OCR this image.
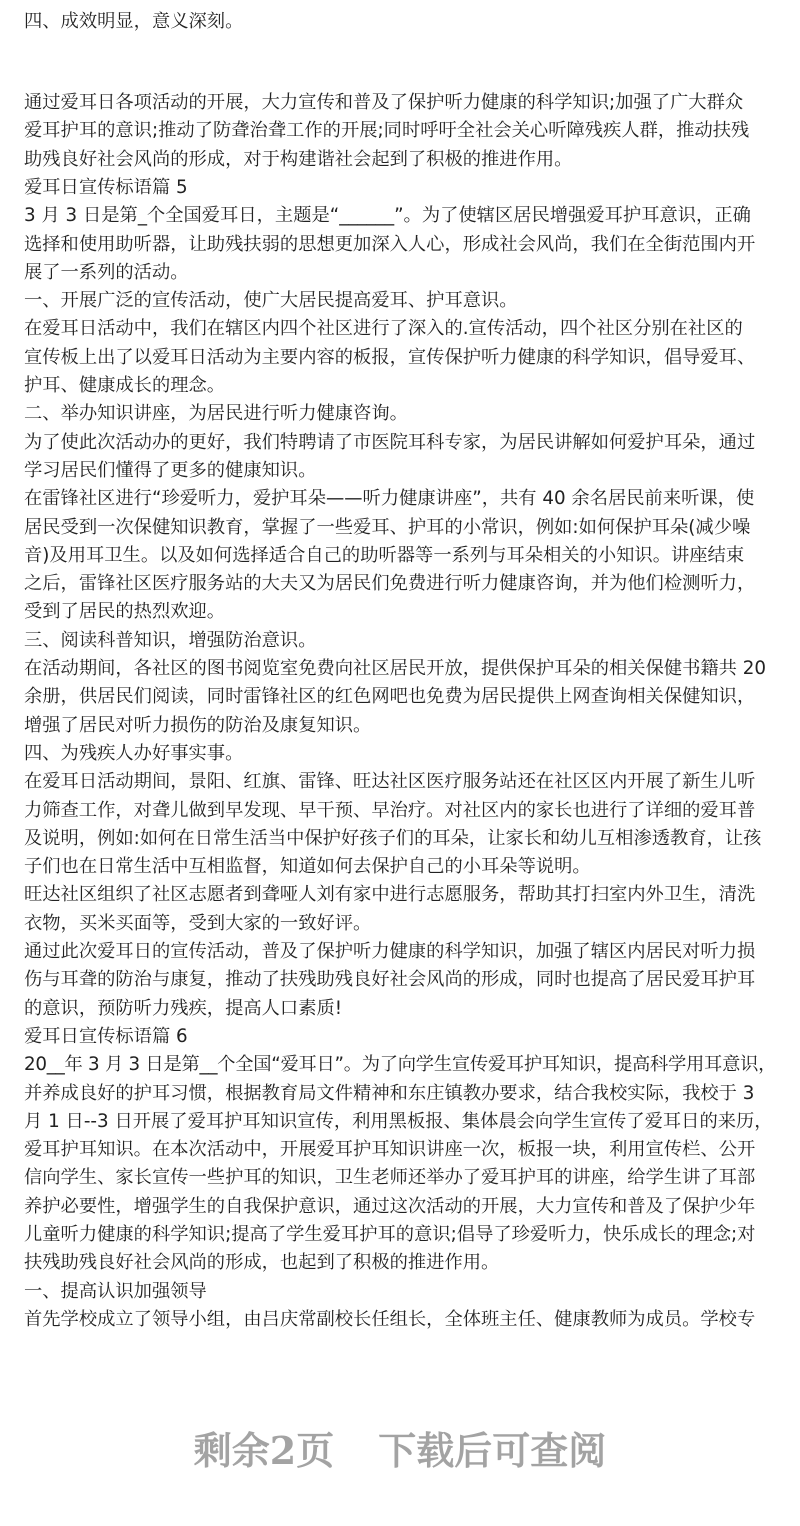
四、成效明显，意义深刻。
通过爱耳日各项活动的开展，大力宣传和普及了保护听力健康的科学知识;加强了广大群众
爱耳护耳的意识;推动了防聋治聋工作的开展;同时呼吁全社会关心听障残疾人群，推动扶残
助残良好社会风尚的形成，对于构建谐社会起到了积极的推进作用。
爱耳日宣传标语篇 5
3 月 3 日是第_个全国爱耳日，主题是“______”。为了使辖区居民增强爱耳护耳意识，正确
选择和使用助听器，让助残扶弱的思想更加深入人心，形成社会风尚，我们在全街范围内开
展了一系列的活动。
一、开展广泛的宣传活动，使广大居民提高爱耳、护耳意识。
在爱耳日活动中，我们在辖区内四个社区进行了深入的.宣传活动，四个社区分别在社区的
宣传板上出了以爱耳日活动为主要内容的板报，宣传保护听力健康的科学知识，倡导爱耳、
护耳、健康成长的理念。
二、举办知识讲座，为居民进行听力健康咨询。
为了使此次活动办的更好，我们特聘请了市医院耳科专家，为居民讲解如何爱护耳朵，通过
学习居民们懂得了更多的健康知识。
在雷锋社区进行“珍爱听力，爱护耳朵——听力健康讲座”，共有 40 余名居民前来听课，使
居民受到一次保健知识教育，掌握了一些爱耳、护耳的小常识，例如:如何保护耳朵(减少噪
音)及用耳卫生。以及如何选择适合自己的助听器等一系列与耳朵相关的小知识。讲座结束
之后，雷锋社区医疗服务站的大夫又为居民们免费进行听力健康咨询，并为他们检测听力，
受到了居民的热烈欢迎。
三、阅读科普知识，增强防治意识。
在活动期间，各社区的图书阅览室免费向社区居民开放，提供保护耳朵的相关保健书籍共 20
余册，供居民们阅读，同时雷锋社区的红色网吧也免费为居民提供上网查询相关保健知识，
增强了居民对听力损伤的防治及康复知识。
四、为残疾人办好事实事。
在爱耳日活动期间，景阳、红旗、雷锋、旺达社区医疗服务站还在社区区内开展了新生儿听
力筛查工作，对聋儿做到早发现、早干预、早治疗。对社区内的家长也进行了详细的爱耳普
及说明，例如:如何在日常生活当中保护好孩子们的耳朵，让家长和幼儿互相渗透教育，让孩
子们也在日常生活中互相监督，知道如何去保护自己的小耳朵等说明。
旺达社区组织了社区志愿者到聋哑人刘有家中进行志愿服务，帮助其打扫室内外卫生，清洗
衣物，买米买面等，受到大家的一致好评。
通过此次爱耳日的宣传活动，普及了保护听力健康的科学知识，加强了辖区内居民对听力损
伤与耳聋的防治与康复，推动了扶残助残良好社会风尚的形成，同时也提高了居民爱耳护耳
的意识，预防听力残疾，提高人口素质!
爱耳日宣传标语篇 6
20__年 3 月 3 日是第__个全国“爱耳日”。为了向学生宣传爱耳护耳知识，提高科学用耳意识，
并养成良好的护耳习惯，根据教育局文件精神和东庄镇教办要求，结合我校实际，我校于 3
月 1 日--3 日开展了爱耳护耳知识宣传，利用黑板报、集体晨会向学生宣传了爱耳日的来历，
爱耳护耳知识。在本次活动中，开展爱耳护耳知识讲座一次，板报一块，利用宣传栏、公开
信向学生、家长宣传一些护耳的知识，卫生老师还举办了爱耳护耳的讲座，给学生讲了耳部
养护必要性，增强学生的自我保护意识，通过这次活动的开展，大力宣传和普及了保护少年
儿童听力健康的科学知识;提高了学生爱耳护耳的意识;倡导了珍爱听力，快乐成长的理念;对
扶残助残良好社会风尚的形成，也起到了积极的推进作用。
一、提高认识加强领导
首先学校成立了领导小组，由吕庆常副校长任组长，全体班主任、健康教师为成员。学校专
剩余2页 下载后可查阅
